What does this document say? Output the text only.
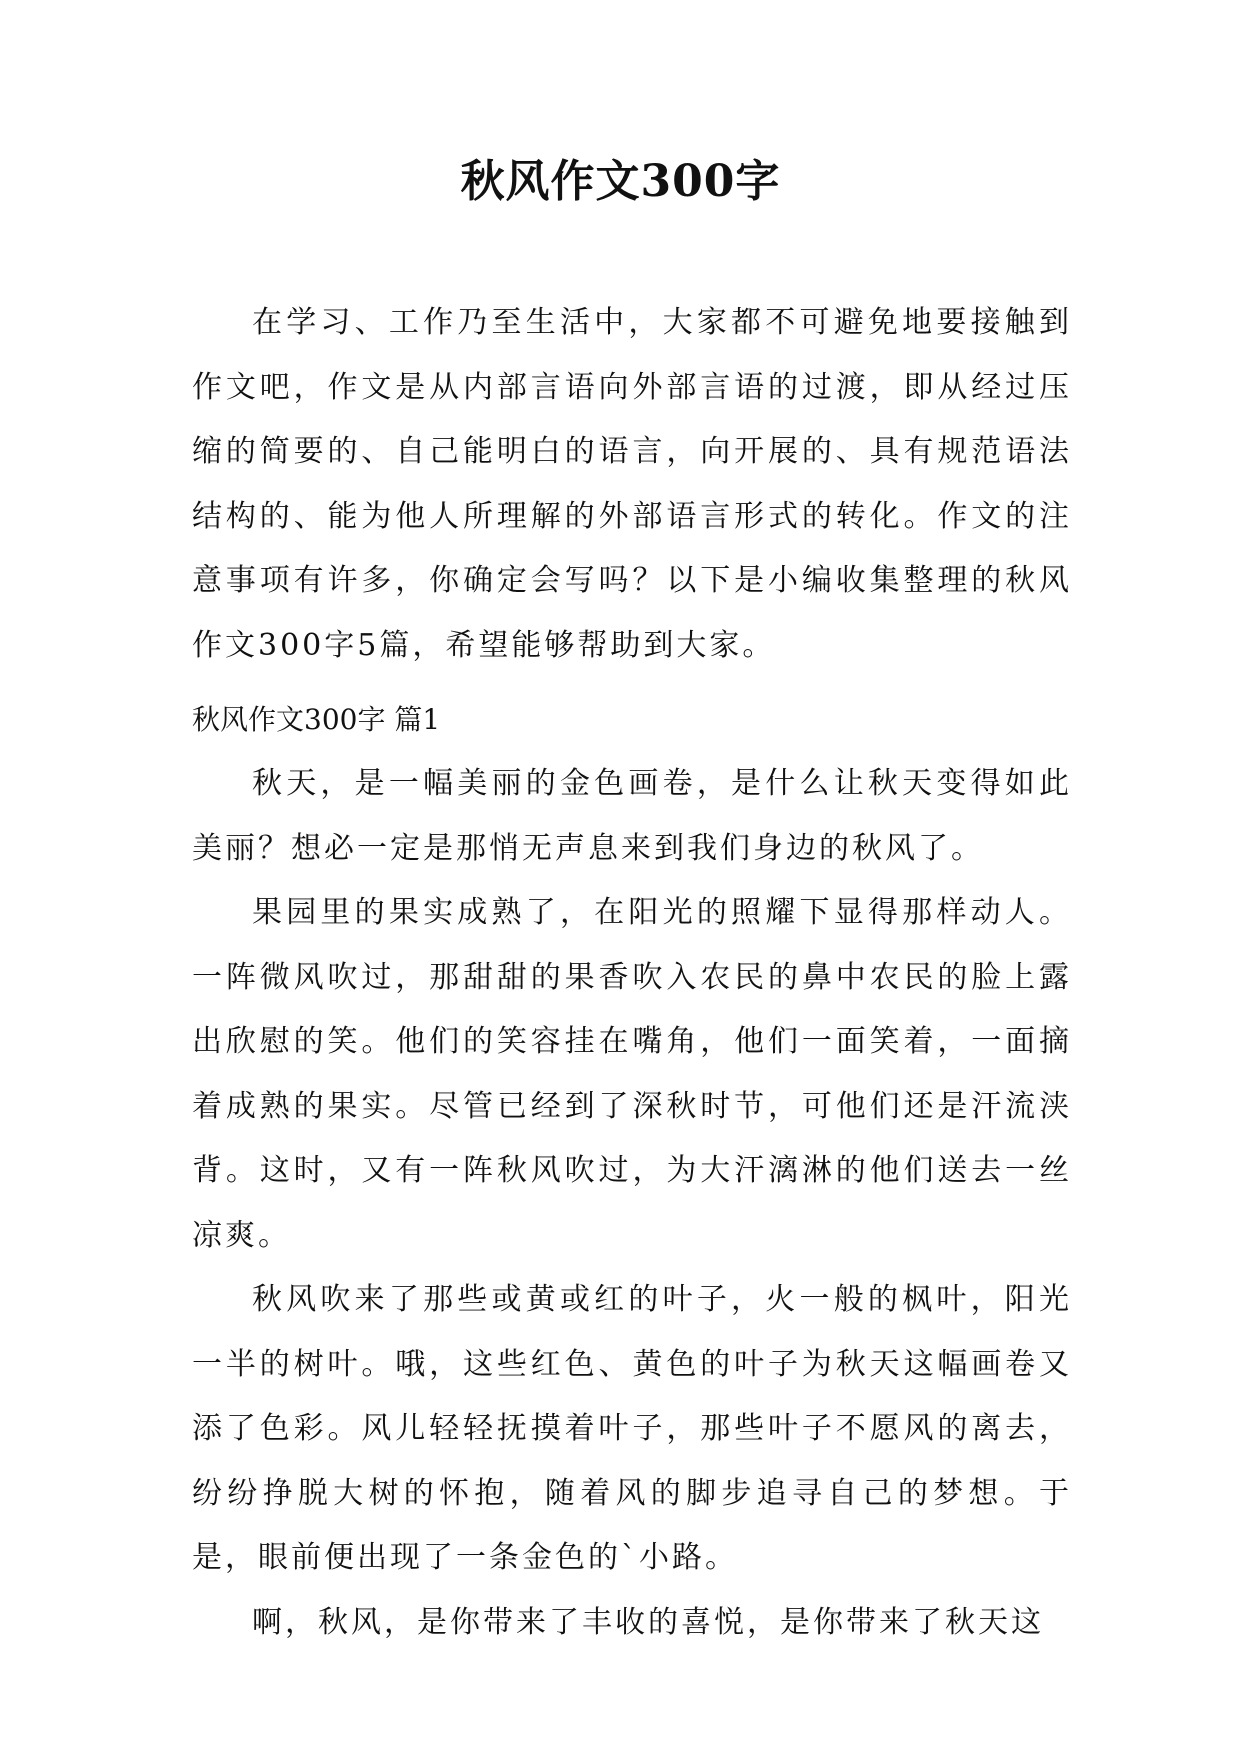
秋风作文300字

在学习、工作乃至生活中，大家都不可避免地要接触到作文吧，作文是从内部言语向外部言语的过渡，即从经过压缩的简要的、自己能明白的语言，向开展的、具有规范语法结构的、能为他人所理解的外部语言形式的转化。作文的注意事项有许多，你确定会写吗？以下是小编收集整理的秋风作文300字5篇，希望能够帮助到大家。

秋风作文300字 篇1

秋天，是一幅美丽的金色画卷，是什么让秋天变得如此美丽？想必一定是那悄无声息来到我们身边的秋风了。

果园里的果实成熟了，在阳光的照耀下显得那样动人。一阵微风吹过，那甜甜的果香吹入农民的鼻中农民的脸上露出欣慰的笑。他们的笑容挂在嘴角，他们一面笑着，一面摘着成熟的果实。尽管已经到了深秋时节，可他们还是汗流浃背。这时，又有一阵秋风吹过，为大汗漓淋的他们送去一丝凉爽。

秋风吹来了那些或黄或红的叶子，火一般的枫叶，阳光一半的树叶。哦，这些红色、黄色的叶子为秋天这幅画卷又添了色彩。风儿轻轻抚摸着叶子，那些叶子不愿风的离去，纷纷挣脱大树的怀抱，随着风的脚步追寻自己的梦想。于是，眼前便出现了一条金色的`小路。

啊，秋风，是你带来了丰收的喜悦，是你带来了秋天这
